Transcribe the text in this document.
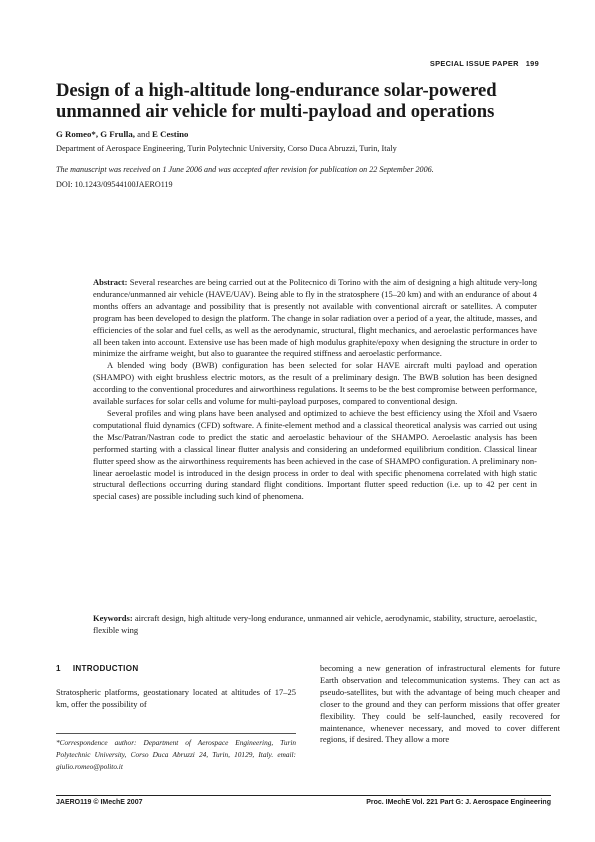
SPECIAL ISSUE PAPER 199
Design of a high-altitude long-endurance solar-powered
unmanned air vehicle for multi-payload and operations
G Romeo*, G Frulla, and E Cestino
Department of Aerospace Engineering, Turin Polytechnic University, Corso Duca Abruzzi, Turin, Italy
The manuscript was received on 1 June 2006 and was accepted after revision for publication on 22 September 2006.
DOI: 10.1243/09544100JAERO119

Abstract: Several researches are being carried out at the Politecnico di Torino with the aim of designing a high altitude very-long endurance/unmanned air vehicle (HAVE/UAV). Being able to fly in the stratosphere (15–20 km) and with an endurance of about 4 months offers an advantage and possibility that is presently not available with conventional aircraft or satellites. A computer program has been developed to design the platform. The change in solar radiation over a period of a year, the altitude, masses, and efficiencies of the solar and fuel cells, as well as the aerodynamic, structural, flight mechanics, and aeroelastic performances have all been taken into account. Extensive use has been made of high modulus graphite/epoxy when designing the structure in order to minimize the airframe weight, but also to guarantee the required stiffness and aeroelastic performance.

A blended wing body (BWB) configuration has been selected for solar HAVE aircraft multi payload and operation (SHAMPO) with eight brushless electric motors, as the result of a preliminary design. The BWB solution has been designed according to the conventional procedures and airworthiness regulations. It seems to be the best compromise between performance, available surfaces for solar cells and volume for multi-payload purposes, compared to conventional design.

Several profiles and wing plans have been analysed and optimized to achieve the best efficiency using the Xfoil and Vsaero computational fluid dynamics (CFD) software. A finite-element method and a classical theoretical analysis was carried out using the Msc/Patran/Nastran code to predict the static and aeroelastic behaviour of the SHAMPO. Aeroelastic analysis has been performed starting with a classical linear flutter analysis and considering an undeformed equilibrium condition. Classical linear flutter speed show as the airworthiness requirements has been achieved in the case of SHAMPO configuration. A preliminary non-linear aeroelastic model is introduced in the design process in order to deal with specific phenomena correlated with high static structural deflections occurring during standard flight conditions. Important flutter speed reduction (i.e. up to 42 per cent in special cases) are possible including such kind of phenomena.

Keywords: aircraft design, high altitude very-long endurance, unmanned air vehicle, aerodynamic, stability, structure, aeroelastic, flexible wing
1 INTRODUCTION
Stratospheric platforms, geostationary located at altitudes of 17–25 km, offer the possibility of
becoming a new generation of infrastructural elements for future Earth observation and telecommunication systems. They can act as pseudo-satellites, but with the advantage of being much cheaper and closer to the ground and they can perform missions that offer greater flexibility. They could be self-launched, easily recovered for maintenance, whenever necessary, and moved to cover different regions, if desired. They allow a more
*Correspondence author: Department of Aerospace Engineering, Turin Polytechnic University, Corso Duca Abruzzi 24, Turin, 10129, Italy. email: giulio.romeo@polito.it
JAERO119 © IMechE 2007	Proc. IMechE Vol. 221 Part G: J. Aerospace Engineering
